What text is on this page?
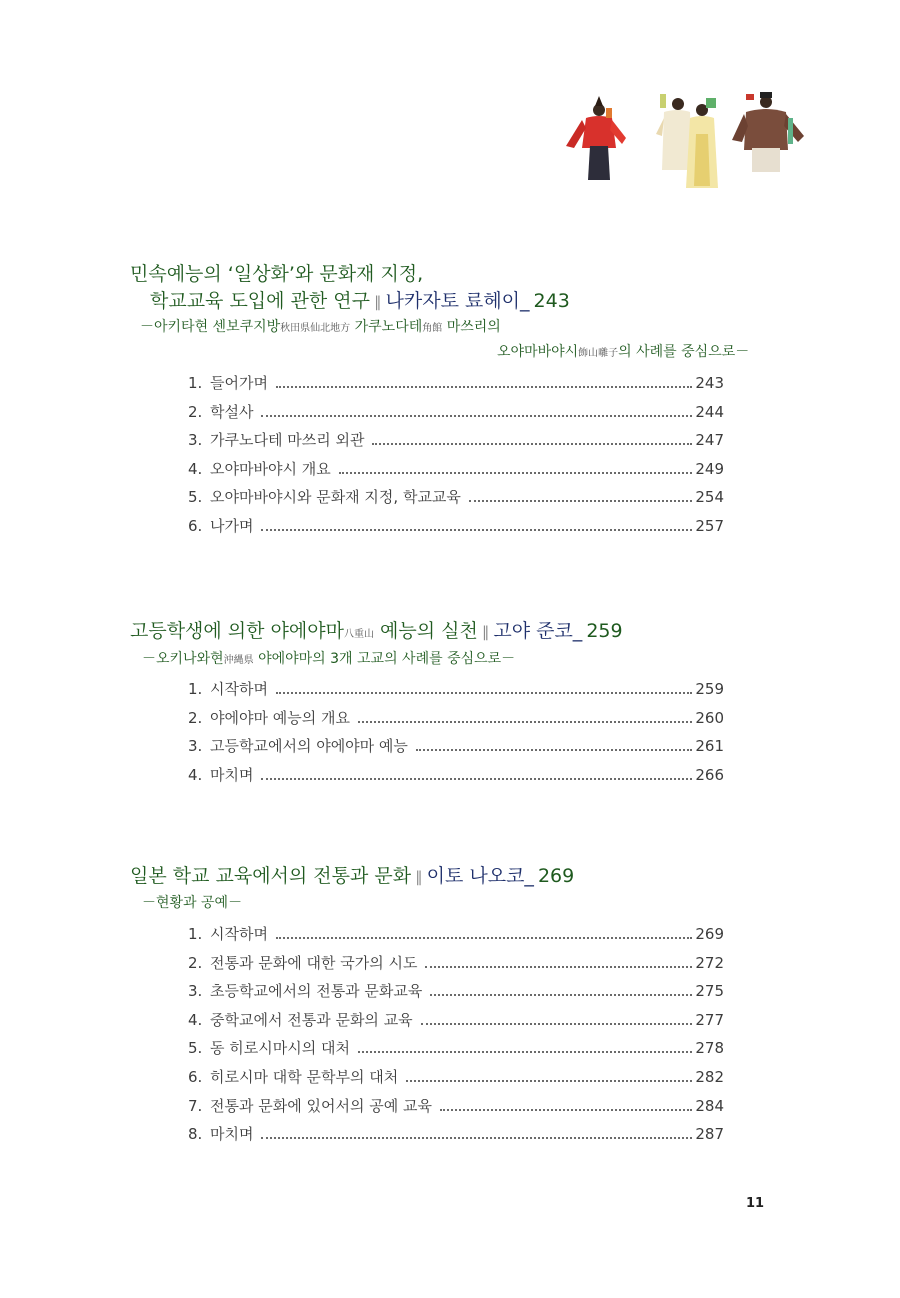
민속예능의 ‘일상화’와 문화재 지정,
학교교육 도입에 관한 연구 ∥ 나카자토 료헤이_ 243
－아키타현 센보쿠지방秋田県仙北地方 가쿠노다테角館 마쓰리의
오야마바야시飾山囃子의 사례를 중심으로－
1. 들어가며	243
2. 학설사	244
3. 가쿠노다테 마쓰리 외관	247
4. 오야마바야시 개요	249
5. 오야마바야시와 문화재 지정, 학교교육	254
6. 나가며	257
고등학생에 의한 야에야마八重山 예능의 실천 ∥ 고야 준코_ 259
－오키나와현沖縄県 야에야마의 3개 고교의 사례를 중심으로－
1. 시작하며	259
2. 야에야마 예능의 개요	260
3. 고등학교에서의 야에야마 예능	261
4. 마치며	266
일본 학교 교육에서의 전통과 문화 ∥ 이토 나오코_ 269
－현황과 공예－
1. 시작하며	269
2. 전통과 문화에 대한 국가의 시도	272
3. 초등학교에서의 전통과 문화교육	275
4. 중학교에서 전통과 문화의 교육	277
5. 동 히로시마시의 대처	278
6. 히로시마 대학 문학부의 대처	282
7. 전통과 문화에 있어서의 공예 교육	284
8. 마치며	287
11
